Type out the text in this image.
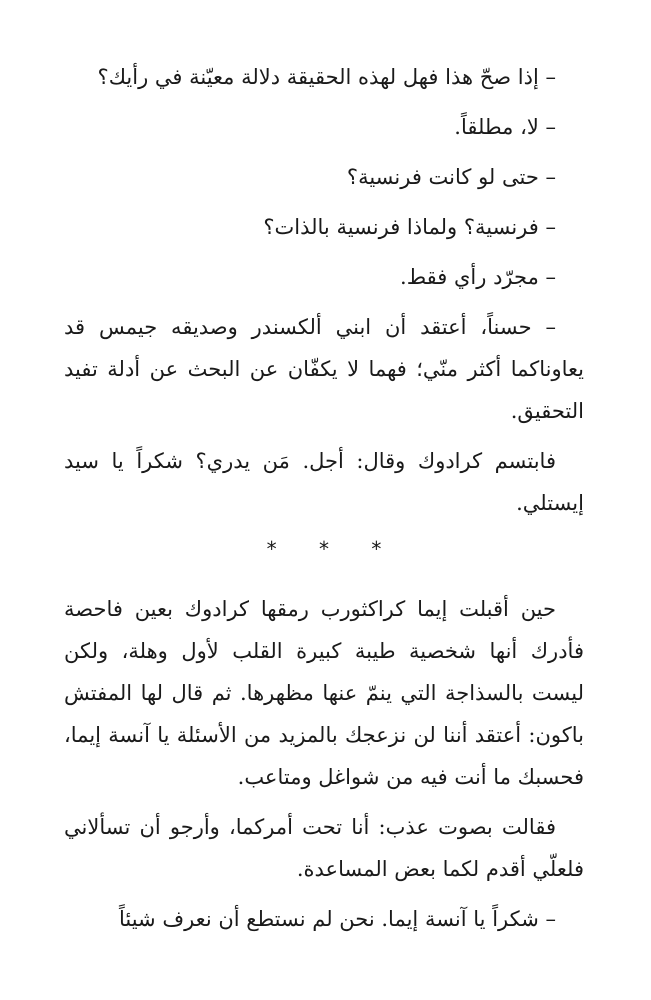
– إذا صحّ هذا فهل لهذه الحقيقة دلالة معيّنة في رأيك؟

– لا، مطلقاً.

– حتى لو كانت فرنسية؟

– فرنسية؟ ولماذا فرنسية بالذات؟

– مجرّد رأي فقط.

– حسناً، أعتقد أن ابني ألكسندر وصديقه جيمس قد يعاوناكما أكثر منّي؛ فهما لا يكفّان عن البحث عن أدلة تفيد التحقيق.

فابتسم كرادوك وقال: أجل. مَن يدري؟ شكراً يا سيد إيستلي.

* * *

حين أقبلت إيما كراكثورب رمقها كرادوك بعين فاحصة فأدرك أنها شخصية طيبة كبيرة القلب لأول وهلة، ولكن ليست بالسذاجة التي ينمّ عنها مظهرها. ثم قال لها المفتش باكون: أعتقد أننا لن نزعجك بالمزيد من الأسئلة يا آنسة إيما، فحسبك ما أنت فيه من شواغل ومتاعب.

فقالت بصوت عذب: أنا تحت أمركما، وأرجو أن تسألاني فلعلّي أقدم لكما بعض المساعدة.

– شكراً يا آنسة إيما. نحن لم نستطع أن نعرف شيئاً
